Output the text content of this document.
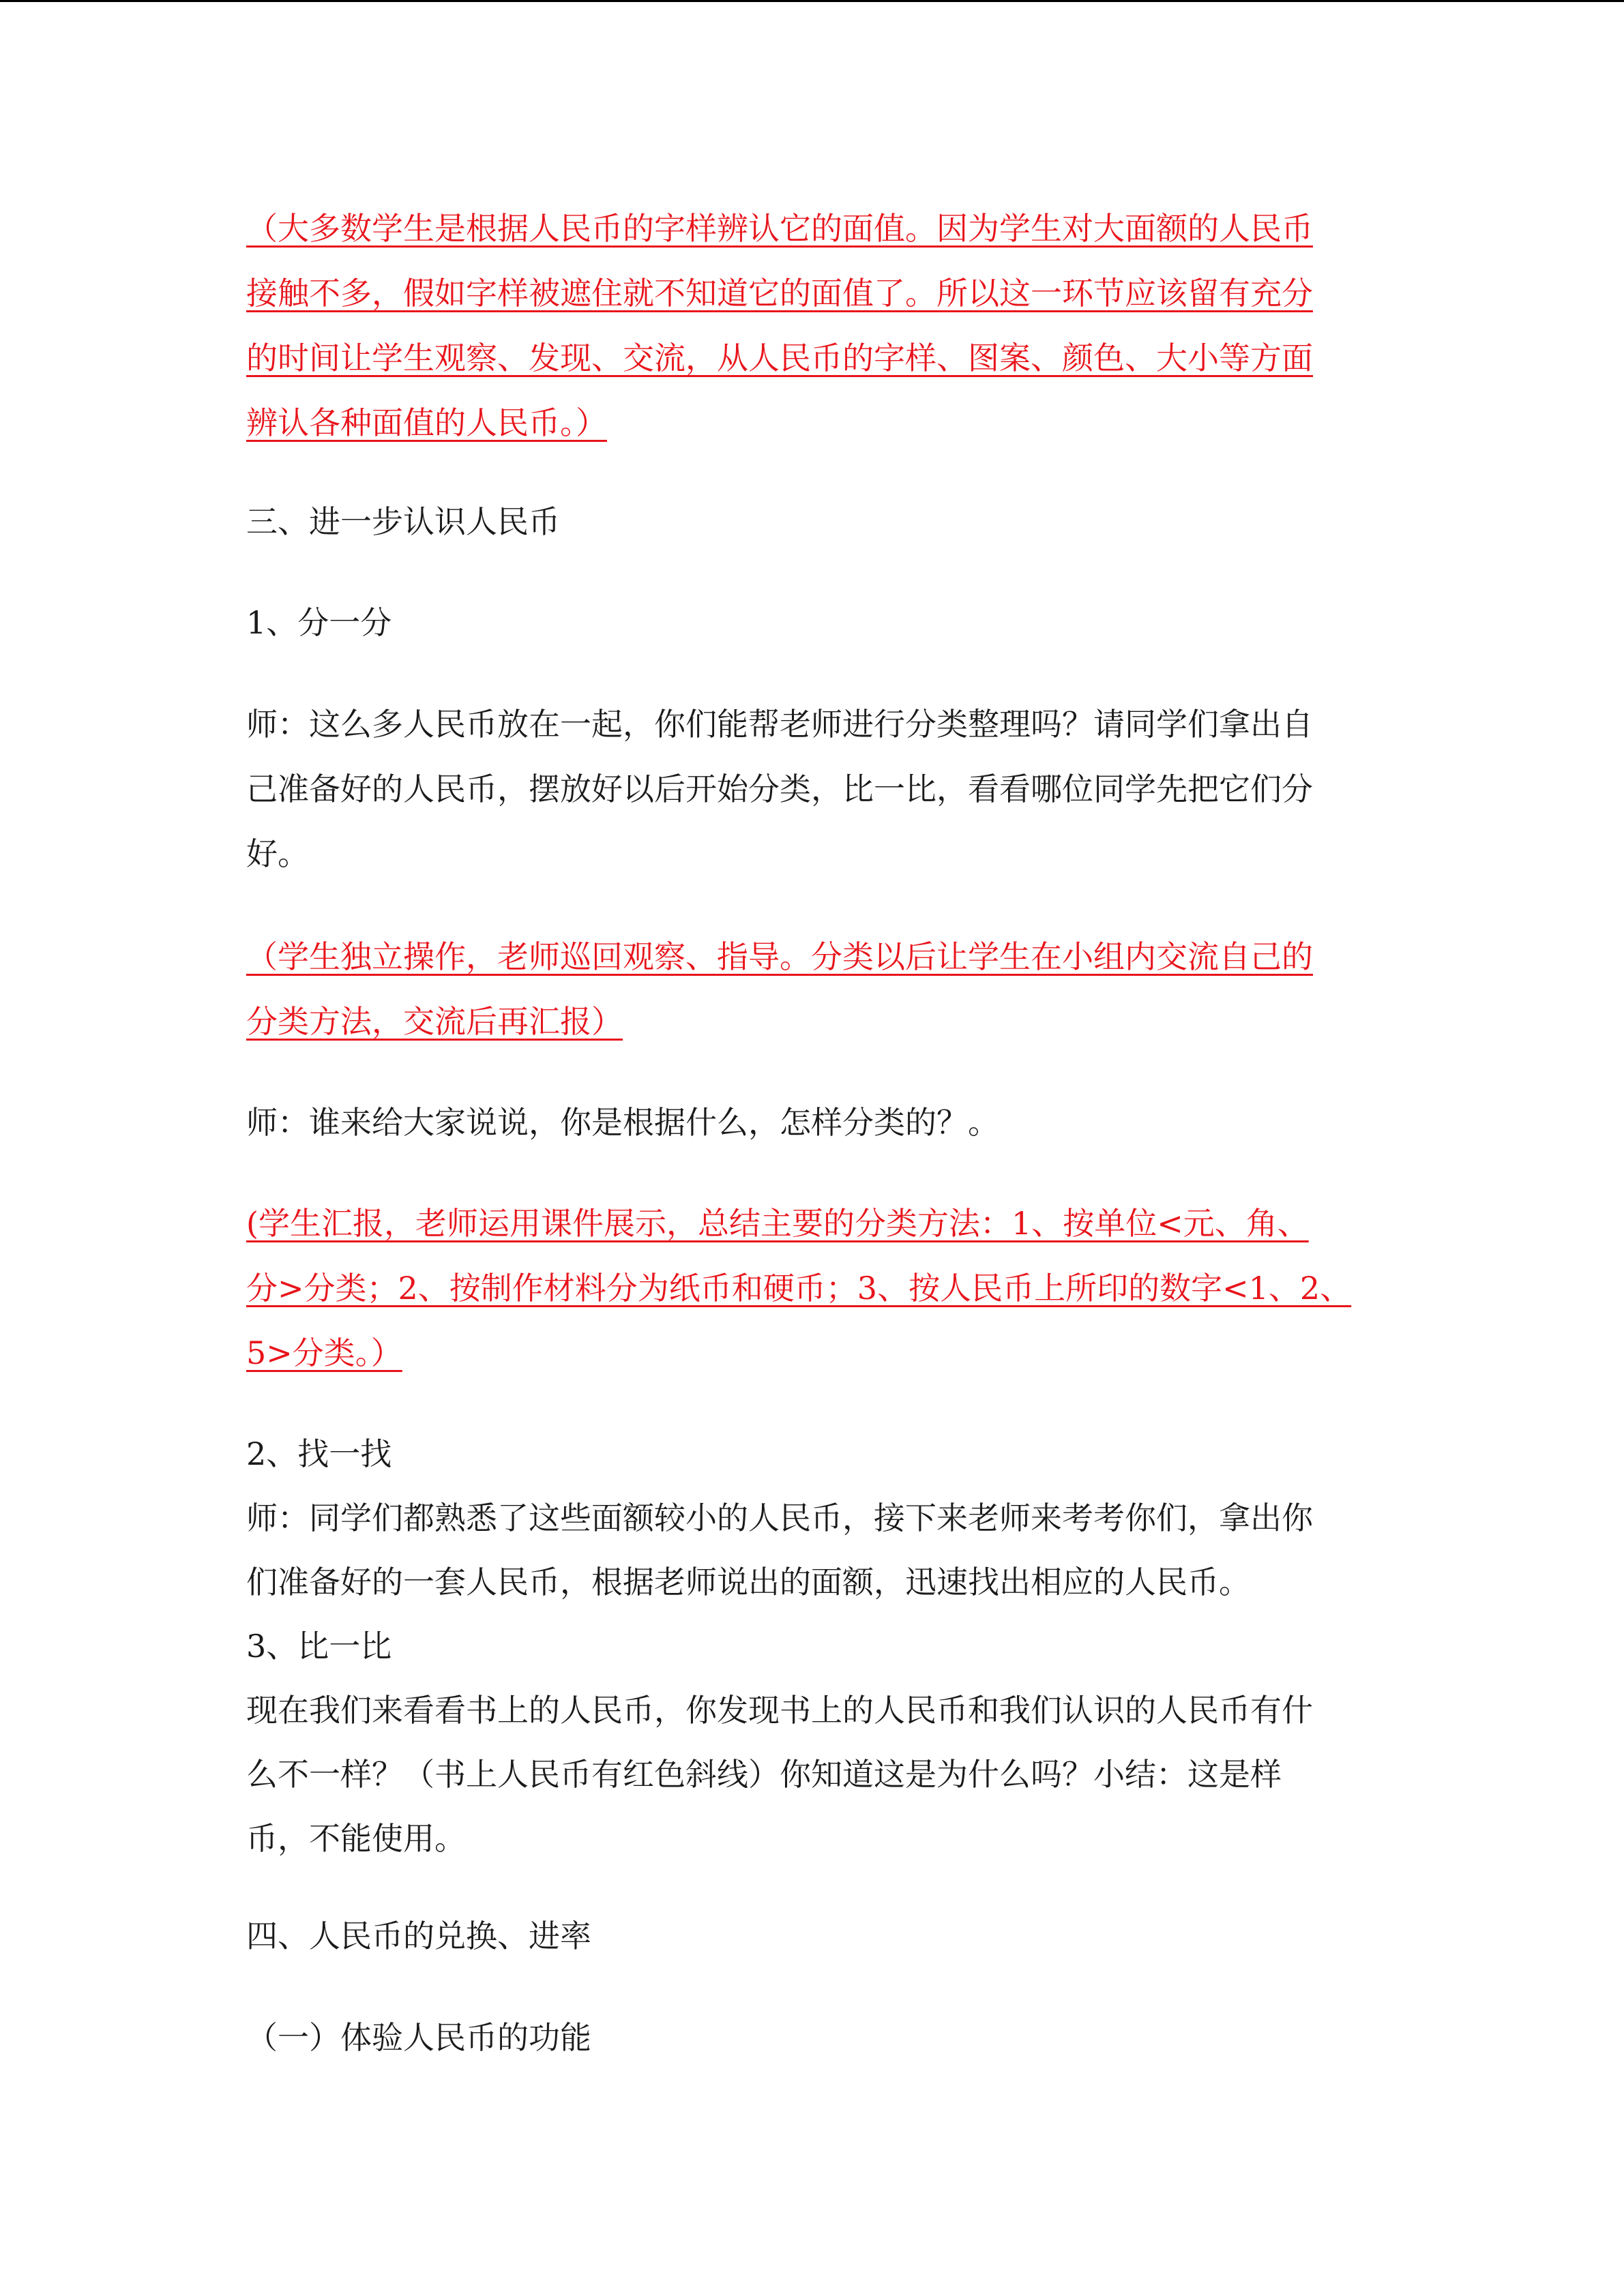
（大多数学生是根据人民币的字样辨认它的面值。因为学生对大面额的人民币

接触不多，假如字样被遮住就不知道它的面值了。所以这一环节应该留有充分

的时间让学生观察、发现、交流，从人民币的字样、图案、颜色、大小等方面

辨认各种面值的人民币。）

三、进一步认识人民币

1、分一分

师：这么多人民币放在一起，你们能帮老师进行分类整理吗？请同学们拿出自

己准备好的人民币，摆放好以后开始分类，比一比，看看哪位同学先把它们分

好。

（学生独立操作，老师巡回观察、指导。分类以后让学生在小组内交流自己的

分类方法，交流后再汇报）

师：谁来给大家说说，你是根据什么，怎样分类的？。

(学生汇报，老师运用课件展示，总结主要的分类方法：1、按单位<元、角、

分>分类；2、按制作材料分为纸币和硬币；3、按人民币上所印的数字<1、2、

5>分类。）

2、找一找

师：同学们都熟悉了这些面额较小的人民币，接下来老师来考考你们，拿出你

们准备好的一套人民币，根据老师说出的面额，迅速找出相应的人民币。

3、比一比

现在我们来看看书上的人民币，你发现书上的人民币和我们认识的人民币有什

么不一样？（书上人民币有红色斜线）你知道这是为什么吗？小结：这是样

币，不能使用。

四、人民币的兑换、进率

（一）体验人民币的功能
